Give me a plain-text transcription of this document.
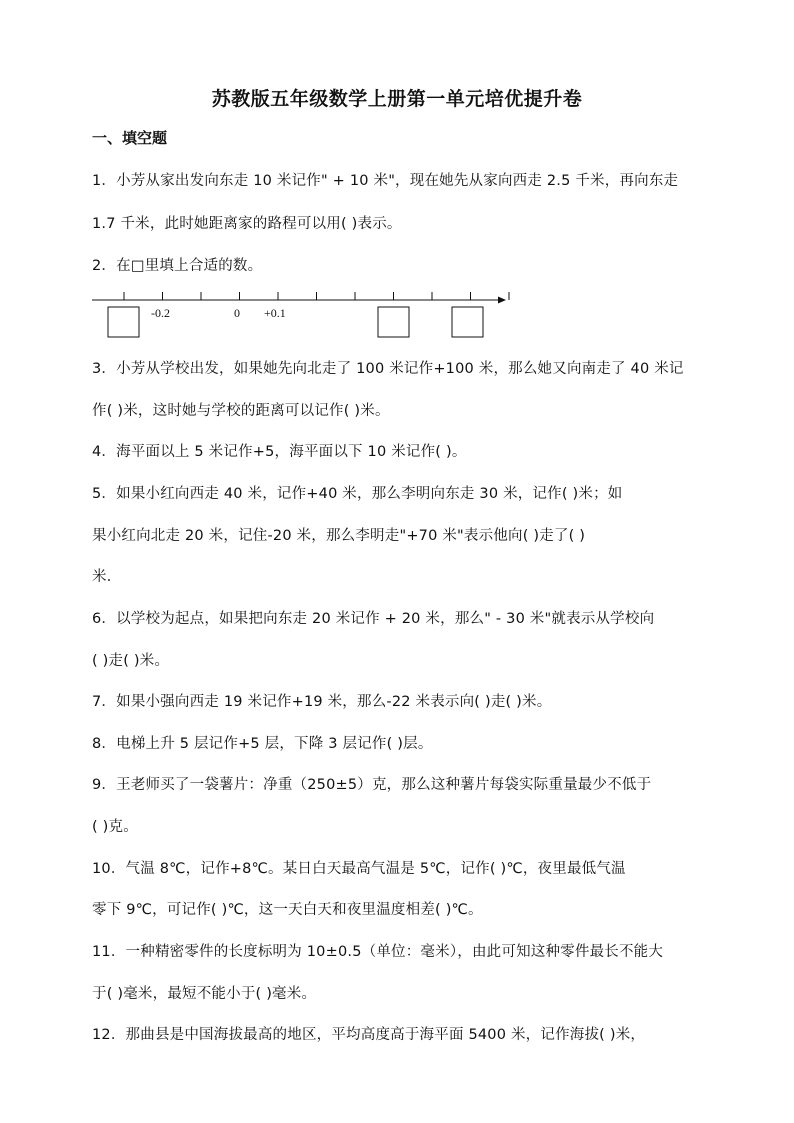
苏教版五年级数学上册第一单元培优提升卷
一、填空题
1．小芳从家出发向东走 10 米记作" + 10 米"，现在她先从家向西走 2.5 千米，再向东走
1.7 千米，此时她距离家的路程可以用( )表示。
2．在□里填上合适的数。
-0.2	0 +0.1
3．小芳从学校出发，如果她先向北走了 100 米记作+100 米，那么她又向南走了 40 米记
作( )米，这时她与学校的距离可以记作( )米。
4．海平面以上 5 米记作+5，海平面以下 10 米记作( )。
5．如果小红向西走 40 米，记作+40 米，那么李明向东走 30 米，记作( )米；如
果小红向北走 20 米，记住-20 米，那么李明走"+70 米"表示他向( )走了( )
米．
6．以学校为起点，如果把向东走 20 米记作 + 20 米，那么" - 30 米"就表示从学校向
( )走( )米。
7．如果小强向西走 19 米记作+19 米，那么-22 米表示向( )走( )米。
8．电梯上升 5 层记作+5 层，下降 3 层记作( )层。
9．王老师买了一袋薯片：净重（250±5）克，那么这种薯片每袋实际重量最少不低于
( )克。
10．气温 8℃，记作+8℃。某日白天最高气温是 5℃，记作( )℃，夜里最低气温
零下 9℃，可记作( )℃，这一天白天和夜里温度相差( )℃。
11．一种精密零件的长度标明为 10±0.5（单位：毫米），由此可知这种零件最长不能大
于( )毫米，最短不能小于( )毫米。
12．那曲县是中国海拔最高的地区，平均高度高于海平面 5400 米，记作海拔( )米，
